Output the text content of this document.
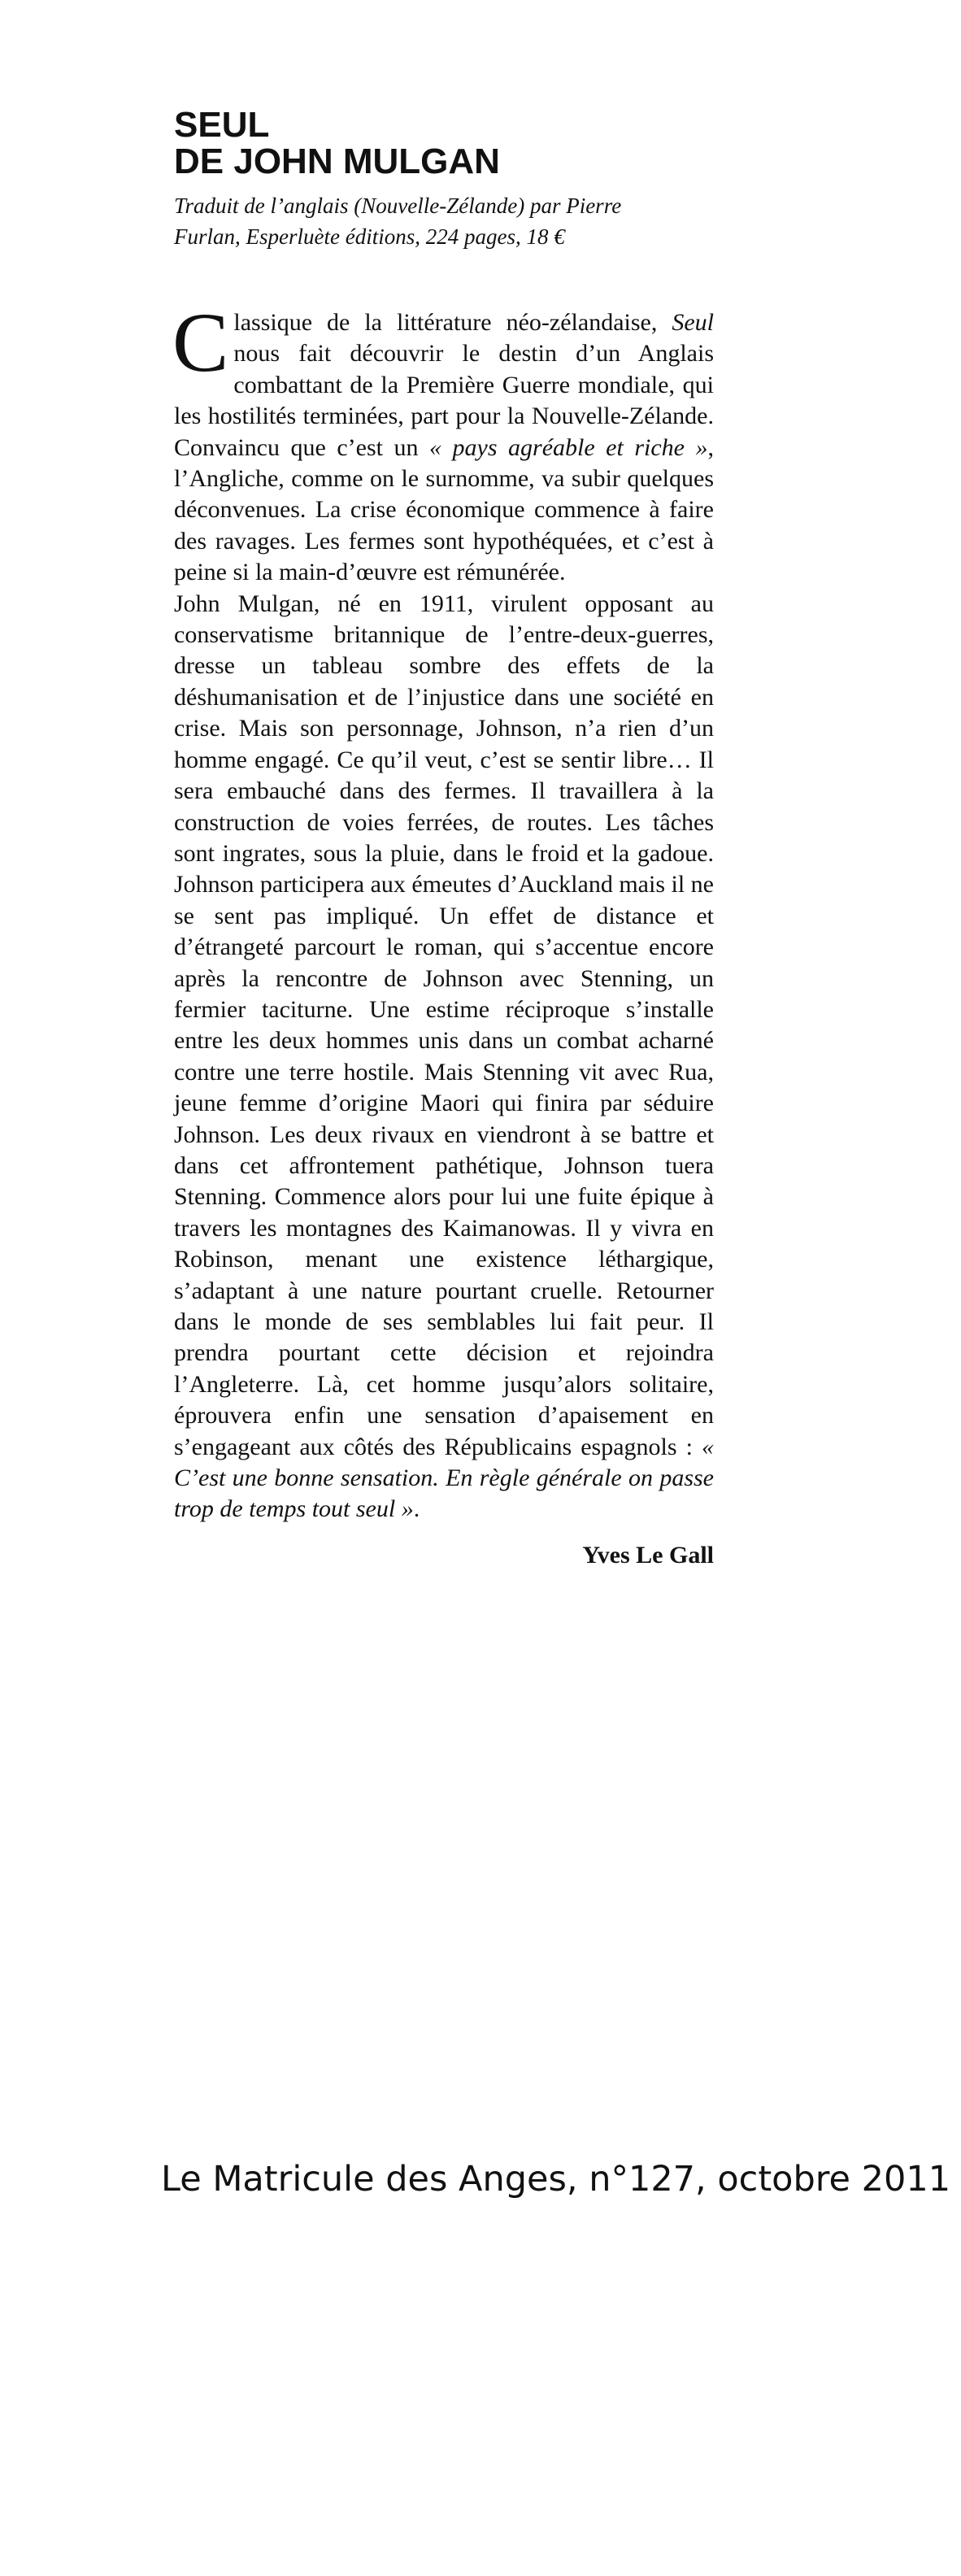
SEUL
DE JOHN MULGAN
Traduit de l’anglais (Nouvelle-Zélande) par Pierre
Furlan, Esperluète éditions, 224 pages, 18 €

Classique de la littérature néo-zélandaise, Seul nous fait découvrir le destin d’un Anglais combattant de la Première Guerre mondiale, qui les hostilités terminées, part pour la Nouvelle-Zélande. Convaincu que c’est un « pays agréable et riche », l’Angliche, comme on le surnomme, va subir quelques déconvenues. La crise économique commence à faire des ravages. Les fermes sont hypothéquées, et c’est à peine si la main-d’œuvre est rémunérée.

John Mulgan, né en 1911, virulent opposant au conservatisme britannique de l’entre-deux-guerres, dresse un tableau sombre des effets de la déshumanisation et de l’injustice dans une société en crise. Mais son personnage, Johnson, n’a rien d’un homme engagé. Ce qu’il veut, c’est se sentir libre… Il sera embauché dans des fermes. Il travaillera à la construction de voies ferrées, de routes. Les tâches sont ingrates, sous la pluie, dans le froid et la gadoue. Johnson participera aux émeutes d’Auckland mais il ne se sent pas impliqué. Un effet de distance et d’étrangeté parcourt le roman, qui s’accentue encore après la rencontre de Johnson avec Stenning, un fermier taciturne. Une estime réciproque s’installe entre les deux hommes unis dans un combat acharné contre une terre hostile. Mais Stenning vit avec Rua, jeune femme d’origine Maori qui finira par séduire Johnson. Les deux rivaux en viendront à se battre et dans cet affrontement pathétique, Johnson tuera Stenning. Commence alors pour lui une fuite épique à travers les montagnes des Kaimanowas. Il y vivra en Robinson, menant une existence léthargique, s’adaptant à une nature pourtant cruelle. Retourner dans le monde de ses semblables lui fait peur. Il prendra pourtant cette décision et rejoindra l’Angleterre. Là, cet homme jusqu’alors solitaire, éprouvera enfin une sensation d’apaisement en s’engageant aux côtés des Républicains espagnols : « C’est une bonne sensation. En règle générale on passe trop de temps tout seul ».

Yves Le Gall
Le Matricule des Anges, n°127, octobre 2011
